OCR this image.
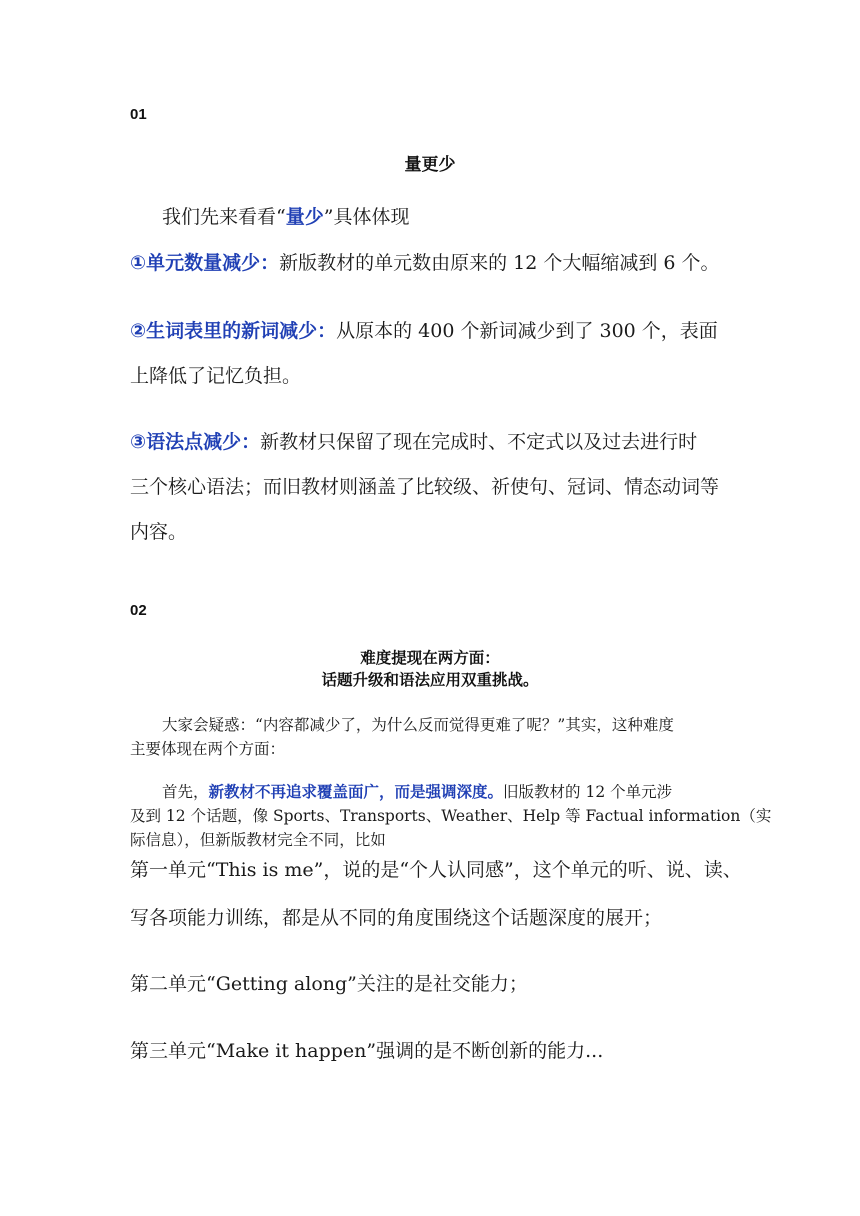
01
量更少
我们先来看看“量少”具体体现
①单元数量减少：新版教材的单元数由原来的 12 个大幅缩减到 6 个。
②生词表里的新词减少：从原本的 400 个新词减少到了 300 个，表面
上降低了记忆负担。
③语法点减少：新教材只保留了现在完成时、不定式以及过去进行时
三个核心语法；而旧教材则涵盖了比较级、祈使句、冠词、情态动词等
内容。
02
难度提现在两方面：
话题升级和语法应用双重挑战。
大家会疑惑：“内容都减少了，为什么反而觉得更难了呢？”其实，这种难度
主要体现在两个方面：
首先，新教材不再追求覆盖面广，而是强调深度。旧版教材的 12 个单元涉
及到 12 个话题，像 Sports、Transports、Weather、Help 等 Factual information（实
际信息），但新版教材完全不同，比如
第一单元“This is me”，说的是“个人认同感”，这个单元的听、说、读、
写各项能力训练，都是从不同的角度围绕这个话题深度的展开；
第二单元“Getting along”关注的是社交能力；
第三单元“Make it happen”强调的是不断创新的能力...
